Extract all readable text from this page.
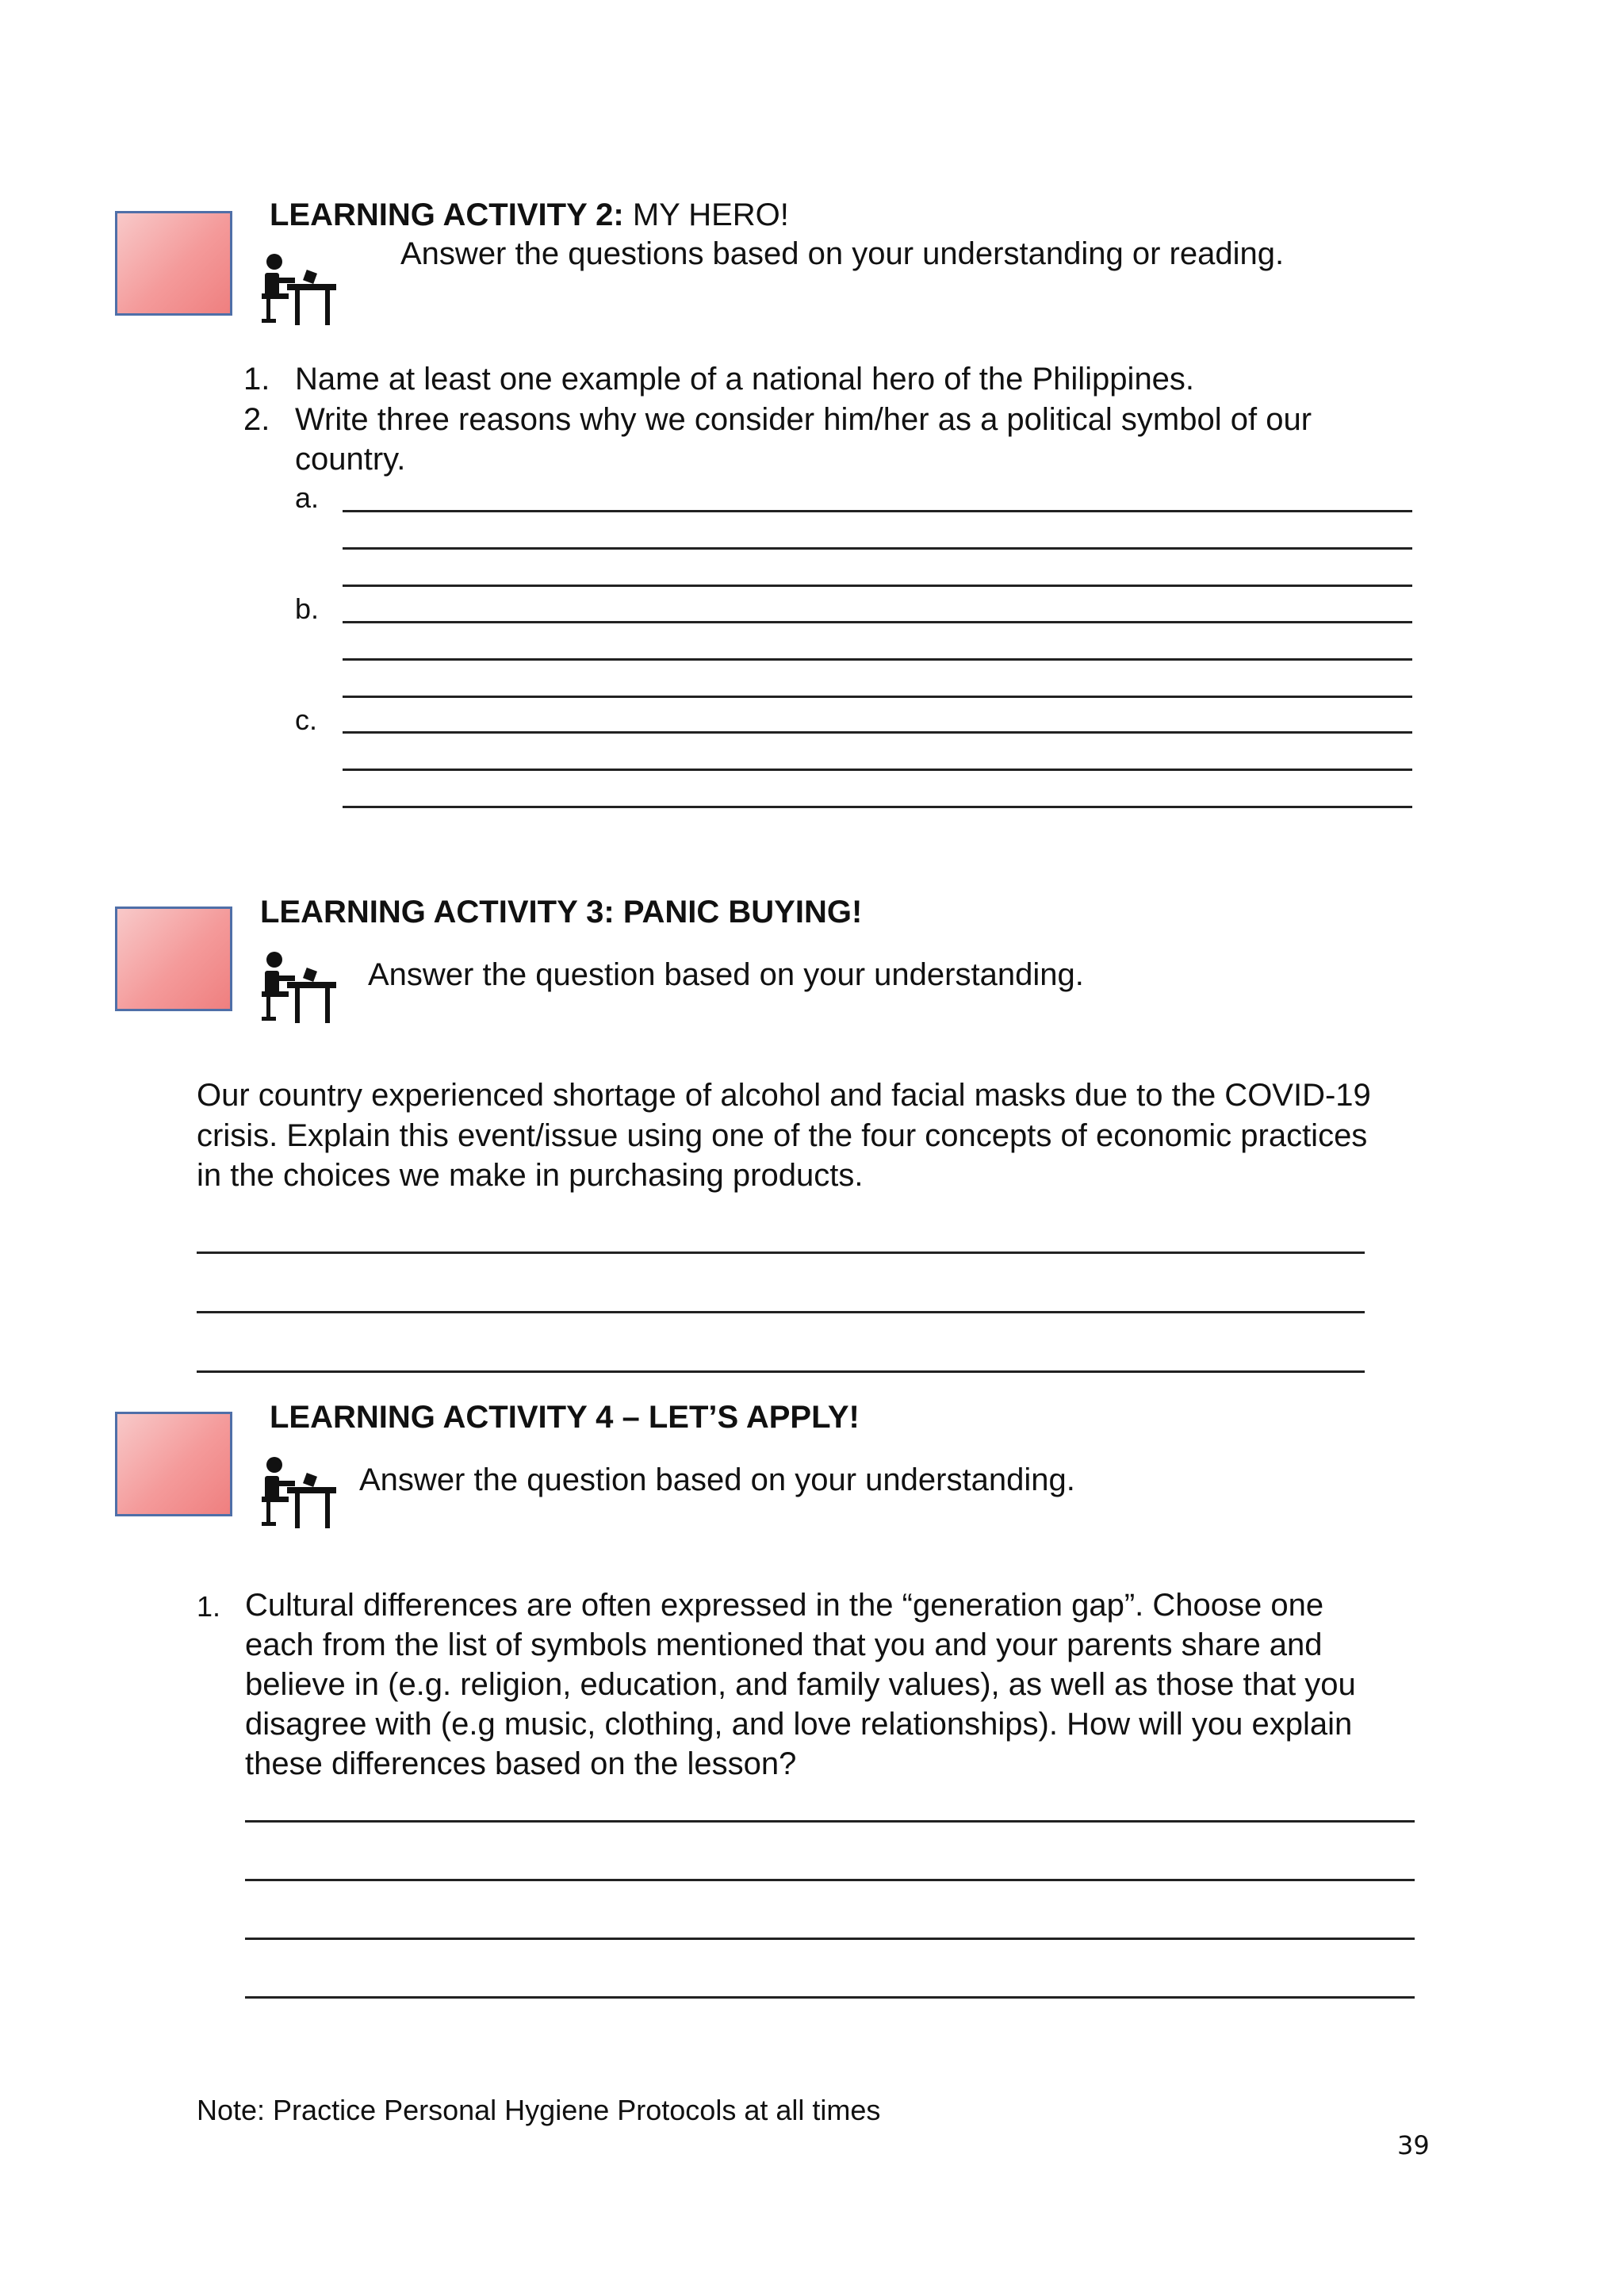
LEARNING ACTIVITY 2: MY HERO!
Answer the questions based on your understanding or reading.
1. Name at least one example of a national hero of the Philippines.
2. Write three reasons why we consider him/her as a political symbol of our
country.
a.
b.
c.
LEARNING ACTIVITY 3: PANIC BUYING!
Answer the question based on your understanding.
Our country experienced shortage of alcohol and facial masks due to the COVID-19
crisis. Explain this event/issue using one of the four concepts of economic practices
in the choices we make in purchasing products.
LEARNING ACTIVITY 4 – LET’S APPLY!
Answer the question based on your understanding.
1. Cultural differences are often expressed in the “generation gap”. Choose one
each from the list of symbols mentioned that you and your parents share and
believe in (e.g. religion, education, and family values), as well as those that you
disagree with (e.g music, clothing, and love relationships). How will you explain
these differences based on the lesson?
Note: Practice Personal Hygiene Protocols at all times
39
